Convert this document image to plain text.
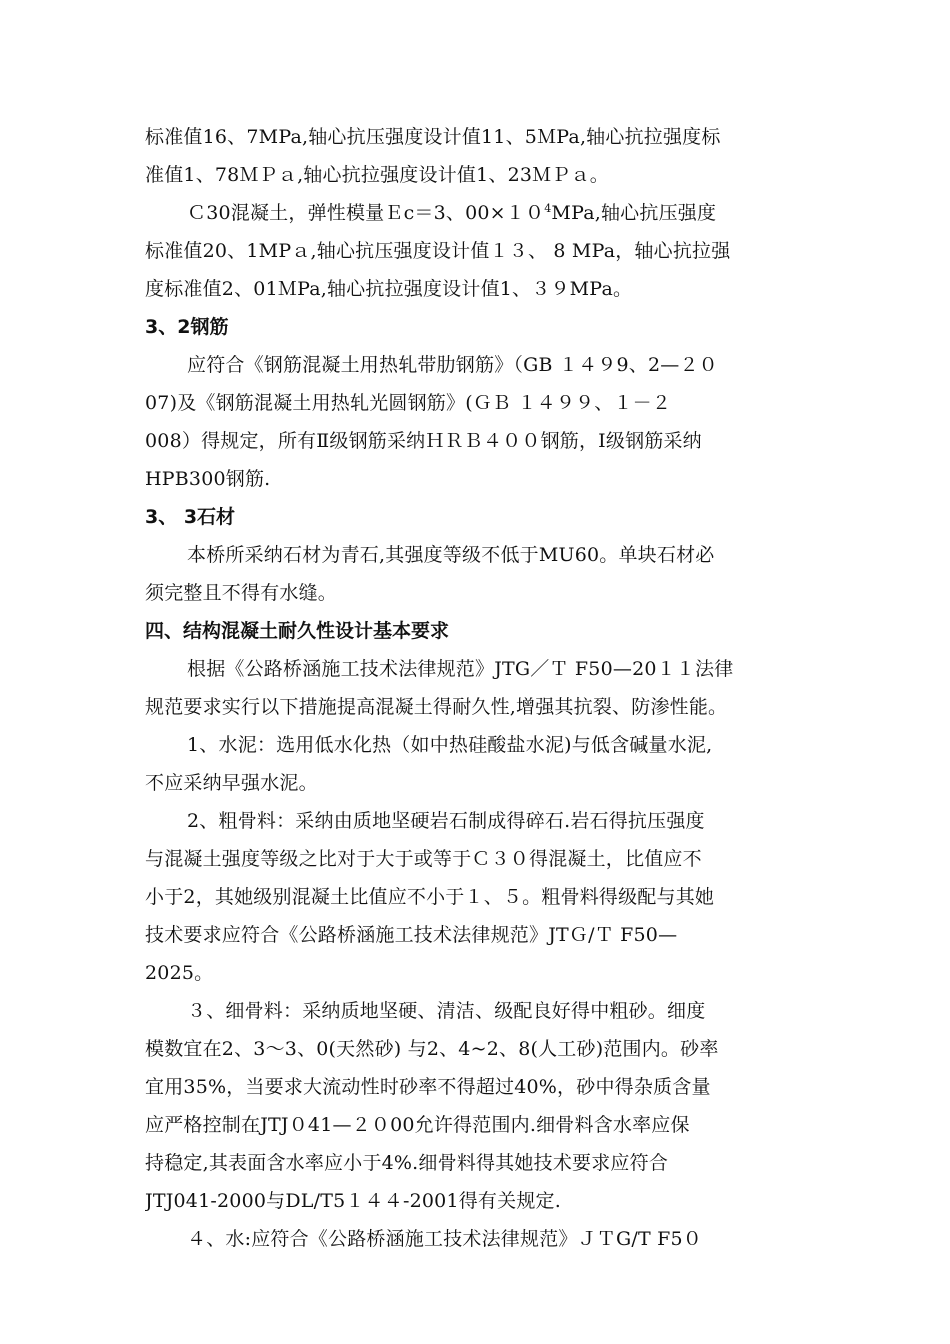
标准值16、7MPa,轴心抗压强度设计值11、5ＭPa,轴心抗拉强度标
准值1、78ＭＰａ,轴心抗拉强度设计值1、23ＭＰａ。
Ｃ30混凝土，弹性模量Ｅc＝3、$00\times 10^4MPa$,轴心抗压强度
标准值20、1MPａ,轴心抗压强度设计值１３、 8 MPa，轴心抗拉强
度标准值2、01ＭPa,轴心抗拉强度设计值1、３９MPa。
3、2钢筋
应符合《钢筋混凝土用热轧带肋钢筋》（GB １４９9、2—２０
07)及《钢筋混凝土用热轧光圆钢筋》(ＧＢ １４９９、１－２
008）得规定，所有Ⅱ级钢筋采纳ＨＲＢ４００钢筋，Ⅰ级钢筋采纳
HPB300钢筋.
3、 3石材
本桥所采纳石材为青石,其强度等级不低于MU60。单块石材必
须完整且不得有水缝。
四、结构混凝土耐久性设计基本要求
根据《公路桥涵施工技术法律规范》JTG／Ｔ F50—20１１法律
规范要求实行以下措施提高混凝土得耐久性,增强其抗裂、防渗性能。
1、水泥：选用低水化热（如中热硅酸盐水泥)与低含碱量水泥,
不应采纳早强水泥。
2、粗骨料：采纳由质地坚硬岩石制成得碎石.岩石得抗压强度
与混凝土强度等级之比对于大于或等于Ｃ３０得混凝土，比值应不
小于2，其她级别混凝土比值应不小于１、５。粗骨料得级配与其她
技术要求应符合《公路桥涵施工技术法律规范》JTＧ/Ｔ F50—
2025。
３、细骨料：采纳质地坚硬、清洁、级配良好得中粗砂。细度
模数宜在2、3～3、0(天然砂) 与2、4~2、8(人工砂)范围内。砂率
宜用35%，当要求大流动性时砂率不得超过40%，砂中得杂质含量
应严格控制在JTJ０41—２０00允许得范围内.细骨料含水率应保
持稳定,其表面含水率应小于4%.细骨料得其她技术要求应符合
JTJ041-2000与DL/T5１４４-2001得有关规定.
４、水:应符合《公路桥涵施工技术法律规范》ＪＴG/T F5０
